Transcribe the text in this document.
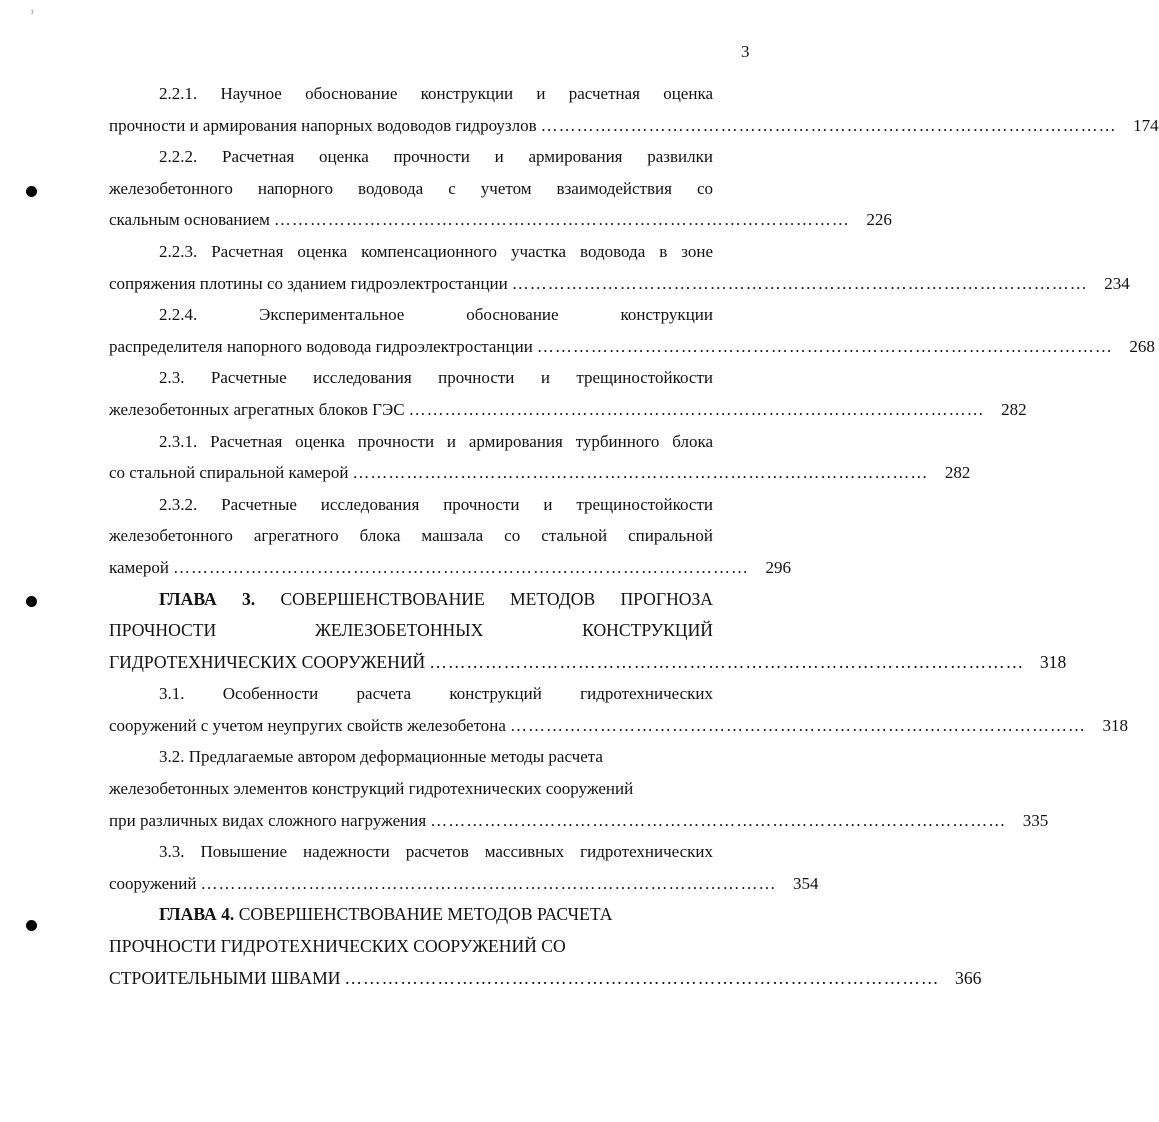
ˀ
3
2.2.1. Научное обоснование конструкции и расчетная оценка
прочности и армирования напорных водоводов гидроузлов …………………………………………………………………………………… 174
2.2.2. Расчетная оценка прочности и армирования развилки
железобетонного напорного водовода с учетом взаимодействия со
скальным основанием …………………………………………………………………………………… 226
2.2.3. Расчетная оценка компенсационного участка водовода в зоне
сопряжения плотины со зданием гидроэлектростанции …………………………………………………………………………………… 234
2.2.4. Экспериментальное обоснование конструкции
распределителя напорного водовода гидроэлектростанции …………………………………………………………………………………… 268
2.3. Расчетные исследования прочности и трещиностойкости
железобетонных агрегатных блоков ГЭС …………………………………………………………………………………… 282
2.3.1. Расчетная оценка прочности и армирования турбинного блока
со стальной спиральной камерой …………………………………………………………………………………… 282
2.3.2. Расчетные исследования прочности и трещиностойкости
железобетонного агрегатного блока машзала со стальной спиральной
камерой …………………………………………………………………………………… 296
ГЛАВА 3. СОВЕРШЕНСТВОВАНИЕ МЕТОДОВ ПРОГНОЗА
ПРОЧНОСТИ ЖЕЛЕЗОБЕТОННЫХ КОНСТРУКЦИЙ
ГИДРОТЕХНИЧЕСКИХ СООРУЖЕНИЙ …………………………………………………………………………………… 318
3.1. Особенности расчета конструкций гидротехнических
сооружений с учетом неупругих свойств железобетона …………………………………………………………………………………… 318
3.2. Предлагаемые автором деформационные методы расчета
железобетонных элементов конструкций гидротехнических сооружений
при различных видах сложного нагружения …………………………………………………………………………………… 335
3.3. Повышение надежности расчетов массивных гидротехнических
сооружений …………………………………………………………………………………… 354
ГЛАВА 4. СОВЕРШЕНСТВОВАНИЕ МЕТОДОВ РАСЧЕТА
ПРОЧНОСТИ ГИДРОТЕХНИЧЕСКИХ СООРУЖЕНИЙ СО
СТРОИТЕЛЬНЫМИ ШВАМИ …………………………………………………………………………………… 366
